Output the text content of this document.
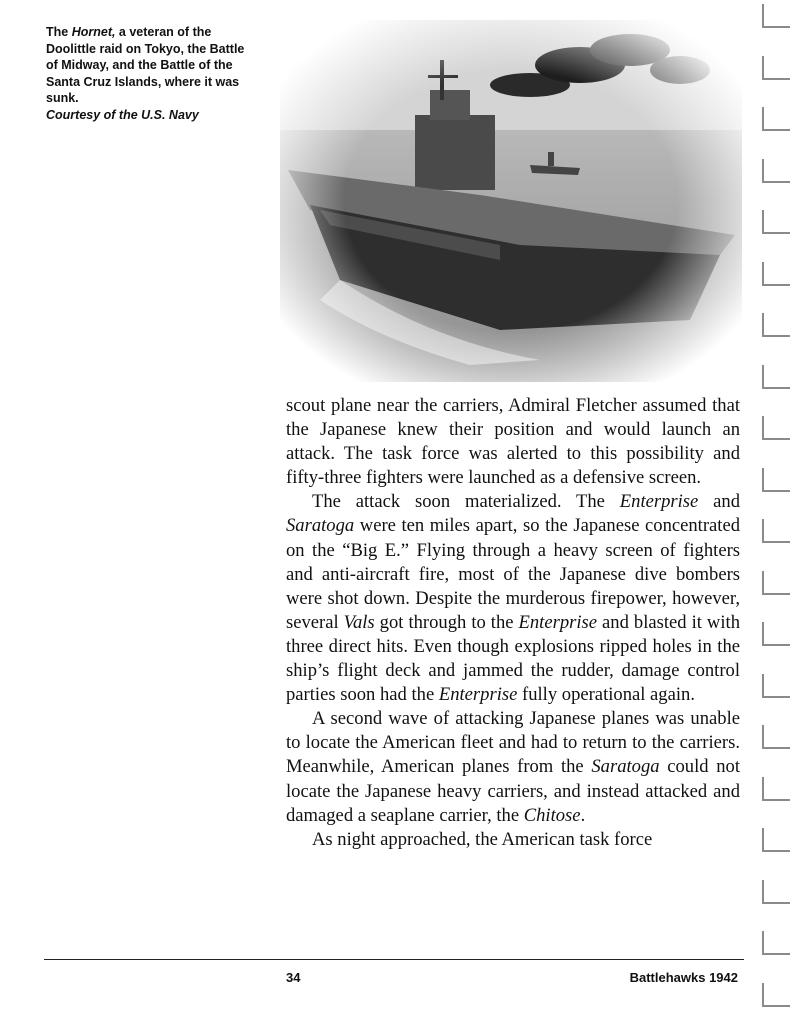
The Hornet, a veteran of the Doolittle raid on Tokyo, the Battle of Midway, and the Battle of the Santa Cruz Islands, where it was sunk.
Courtesy of the U.S. Navy

scout plane near the carriers, Admiral Fletcher assumed that the Japanese knew their position and would launch an attack. The task force was alerted to this possibility and fifty-three fighters were launched as a defensive screen.

The attack soon materialized. The Enterprise and Saratoga were ten miles apart, so the Japanese concentrated on the “Big E.” Flying through a heavy screen of fighters and anti-aircraft fire, most of the Japanese dive bombers were shot down. Despite the murderous firepower, however, several Vals got through to the Enterprise and blasted it with three direct hits. Even though explosions ripped holes in the ship’s flight deck and jammed the rudder, damage control parties soon had the Enterprise fully operational again.

A second wave of attacking Japanese planes was unable to locate the American fleet and had to return to the carriers. Meanwhile, American planes from the Saratoga could not locate the Japanese heavy carriers, and instead attacked and damaged a seaplane carrier, the Chitose.

As night approached, the American task force

34	Battlehawks 1942
